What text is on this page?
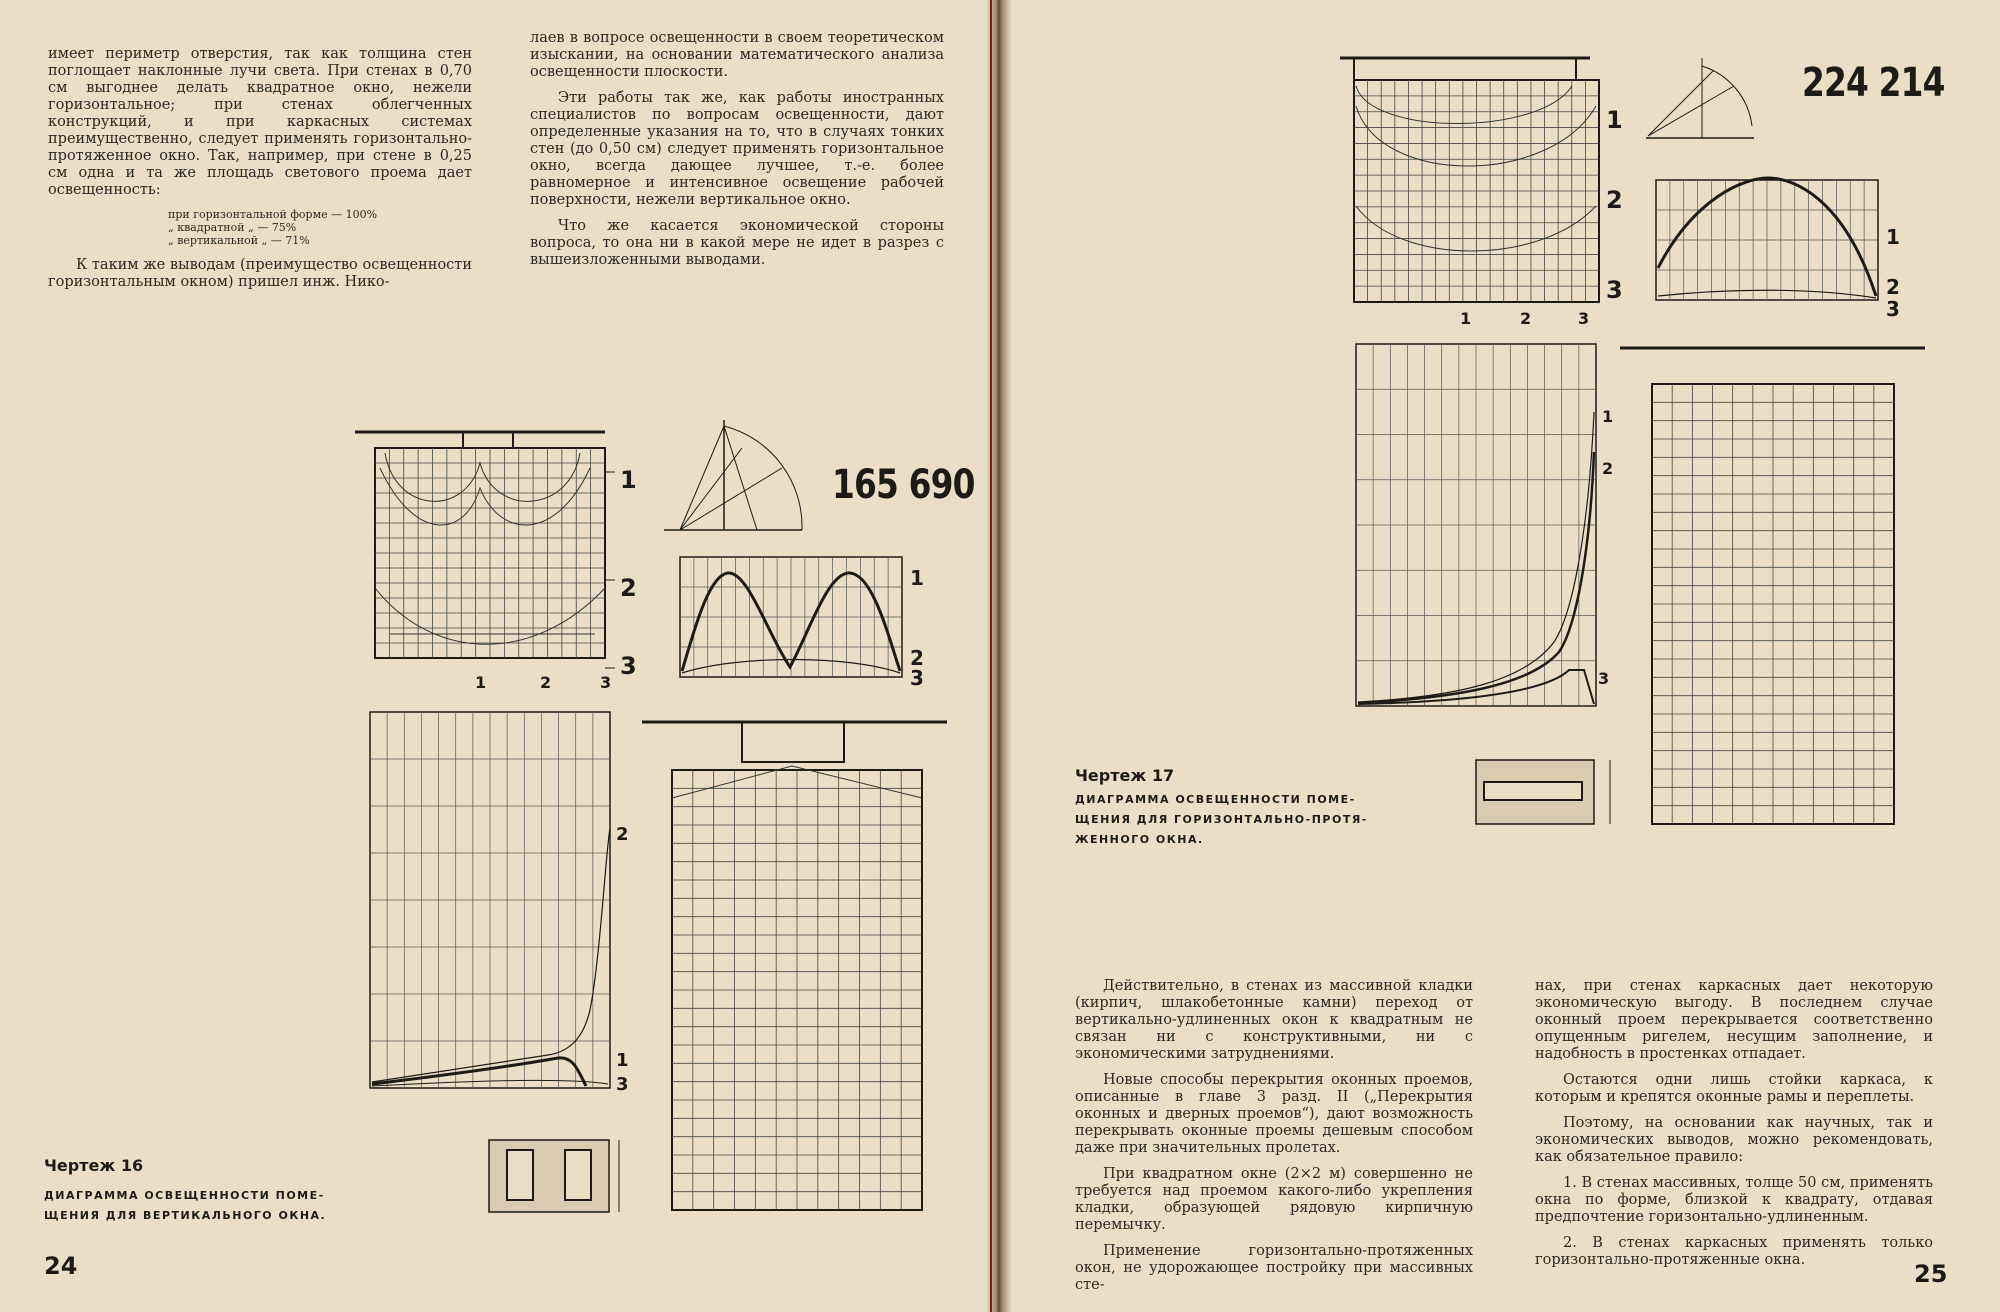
имеет периметр отверстия, так как толщина стен поглощает наклонные лучи света. При стенах в 0,70 см выгоднее делать квадратное окно, нежели горизонтальное; при стенах облегченных конструкций, и при каркасных системах преимущественно, следует применять горизонтально-протяженное окно. Так, например, при стене в 0,25 см одна и та же площадь светового проема дает освещенность:

при горизонтальной форме — 100%
„ квадратной „ — 75%
„ вертикальной „ — 71%

К таким же выводам (преимущество освещенности горизонтальным окном) пришел инж. Нико-

лаев в вопросе освещенности в своем теоретическом изыскании, на основании математического анализа освещенности плоскости.

Эти работы так же, как работы иностранных специалистов по вопросам освещенности, дают определенные указания на то, что в случаях тонких стен (до 0,50 см) следует применять горизонтальное окно, всегда дающее лучшее, т.-е. более равномерное и интенсивное освещение рабочей поверхности, нежели вертикальное окно.

Что же касается экономической стороны вопроса, то она ни в какой мере не идет в разрез с вышеизложенными выводами.

165 690
1
2
3
1	2	3
1
2
3
2
1
3
Чертеж 16
ДИАГРАММА ОСВЕЩЕННОСТИ ПОМЕ-
ЩЕНИЯ ДЛЯ ВЕРТИКАЛЬНОГО ОКНА.
24
1
2
3
1	2	3
224 214
1
2
3
1
2
3
Чертеж 17
ДИАГРАММА ОСВЕЩЕННОСТИ ПОМЕ-
ЩЕНИЯ ДЛЯ ГОРИЗОНТАЛЬНО-ПРОТЯ-
ЖЕННОГО ОКНА.

Действительно, в стенах из массивной кладки (кирпич, шлакобетонные камни) переход от вертикально-удлиненных окон к квадратным не связан ни с конструктивными, ни с экономическими затруднениями.

Новые способы перекрытия оконных проемов, описанные в главе 3 разд. II („Перекрытия оконных и дверных проемов“), дают возможность перекрывать оконные проемы дешевым способом даже при значительных пролетах.

При квадратном окне (2×2 м) совершенно не требуется над проемом какого-либо укрепления кладки, образующей рядовую кирпичную перемычку.

Применение горизонтально-протяженных окон, не удорожающее постройку при массивных сте-

нах, при стенах каркасных дает некоторую экономическую выгоду. В последнем случае оконный проем перекрывается соответственно опущенным ригелем, несущим заполнение, и надобность в простенках отпадает.

Остаются одни лишь стойки каркаса, к которым и крепятся оконные рамы и переплеты.

Поэтому, на основании как научных, так и экономических выводов, можно рекомендовать, как обязательное правило:

1. В стенах массивных, толще 50 см, применять окна по форме, близкой к квадрату, отдавая предпочтение горизонтально-удлиненным.

2. В стенах каркасных применять только горизонтально-протяженные окна.	25
